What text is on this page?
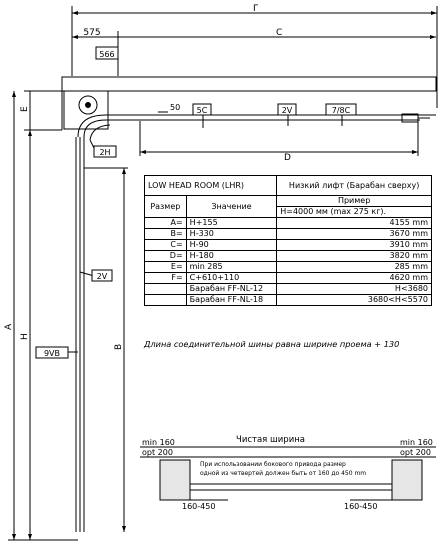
Г
C
D
575
50
E
A
H
B
566
5C	2V	7/8C
2H
2V
9VB
Чистая ширина
min 160
opt 200
min 160
opt 200
При использовании бокового привода размер
одной из четвертей должен быть от 160 до 450 mm
160-450	160-450
LOW HEAD ROOM (LHR)		Низкий лифт (Барабан сверху)
Размер	Значение	Пример
		H=4000 мм (max 275 кг).
A=	H+155	4155 mm
B=	H-330	3670 mm
C=	H-90	3910 mm
D=	H-180	3820 mm
E=	min 285	285 mm
F=	C+610+110	4620 mm
	Барабан FF-NL-12	H<3680
	Барабан FF-NL-18	3680<H<5570
Длина соединительной шины равна ширине проема + 130
